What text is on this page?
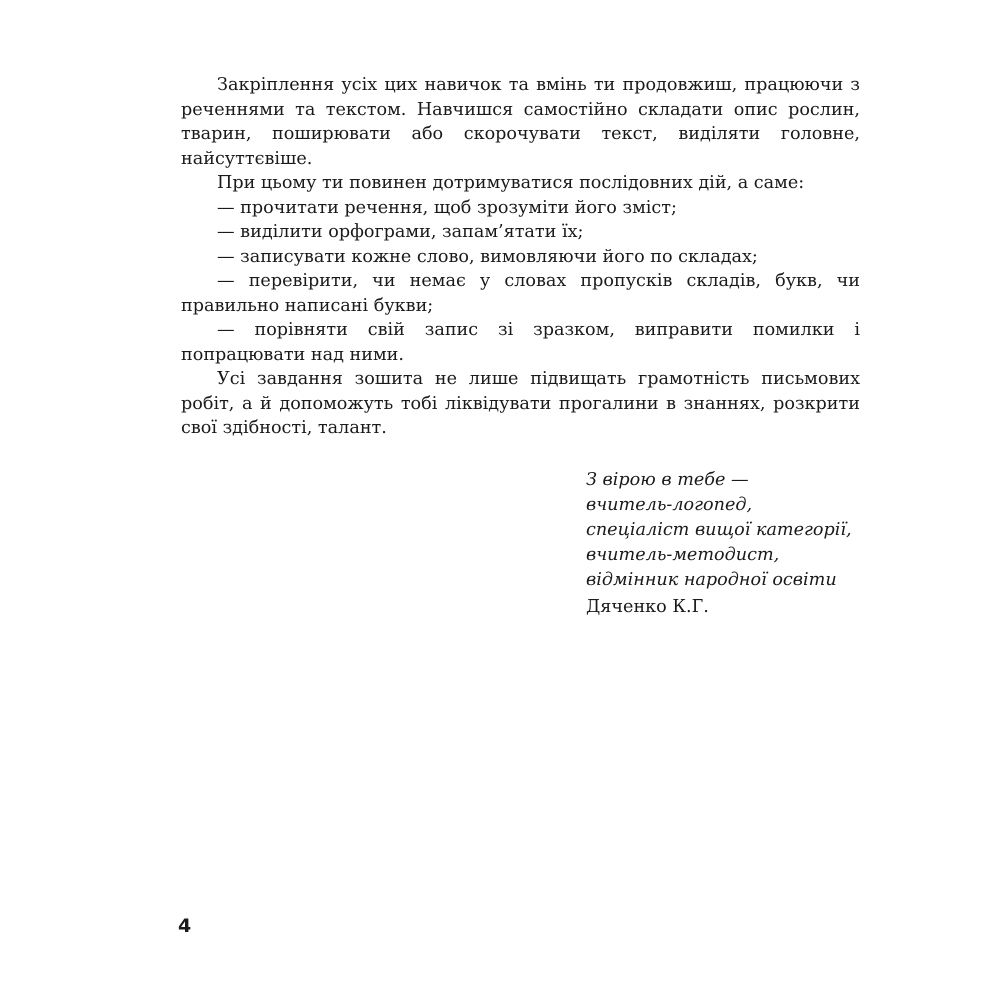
Закріплення усіх цих навичок та вмінь ти продовжиш, працюючи з реченнями та текстом. Навчишся самостійно складати опис рослин, тварин, поширювати або скорочувати текст, виділяти головне, найсуттєвіше.

При цьому ти повинен дотримуватися послідовних дій, а саме:

— прочитати речення, щоб зрозуміти його зміст;

— виділити орфограми, запам’ятати їх;

— записувати кожне слово, вимовляючи його по складах;

— перевірити, чи немає у словах пропусків складів, букв, чи правильно написані букви;

— порівняти свій запис зі зразком, виправити помилки і попрацювати над ними.

Усі завдання зошита не лише підвищать грамотність письмових робіт, а й допоможуть тобі ліквідувати прогалини в знаннях, розкрити свої здібності, талант.

З вірою в тебе —
вчитель-логопед,
спеціаліст вищої категорії,
вчитель-методист,
відмінник народної освіти
Дяченко К.Г.
4
